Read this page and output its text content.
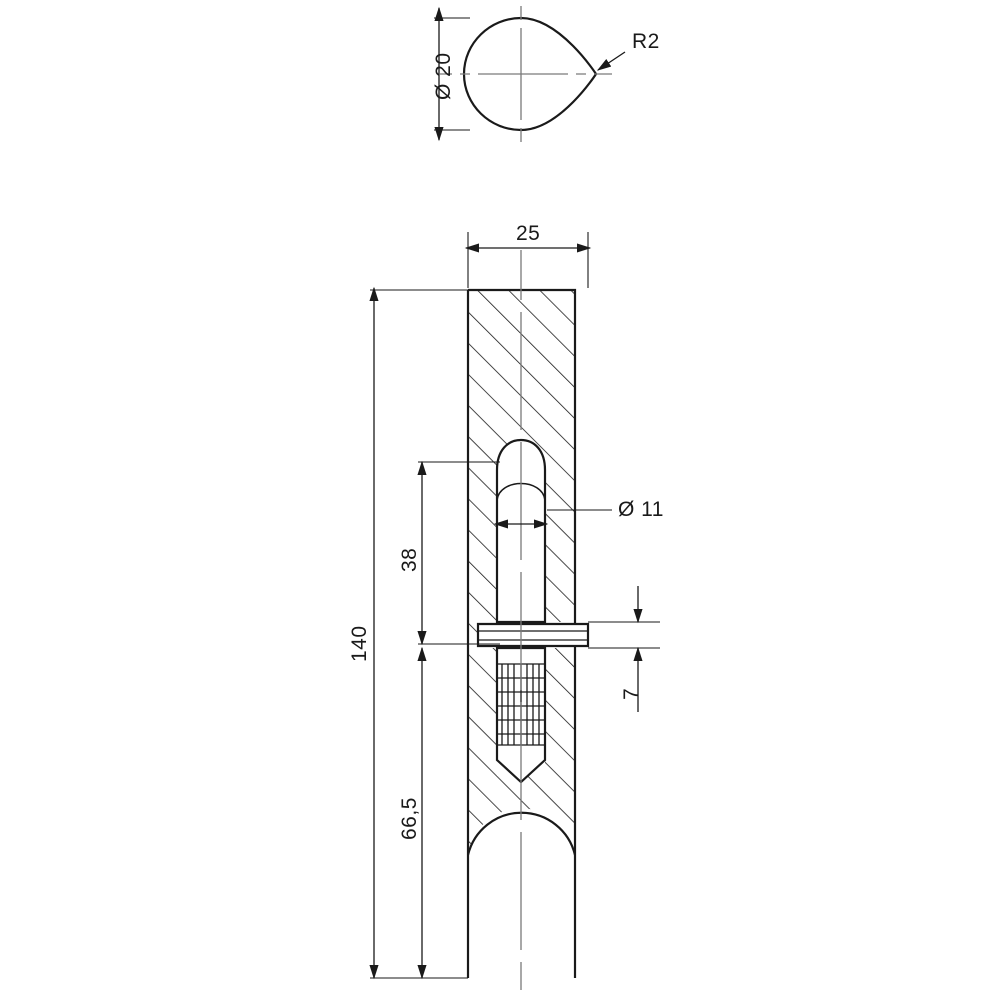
Ø 20
R2
25
140
38
66,5
7
Ø 11
